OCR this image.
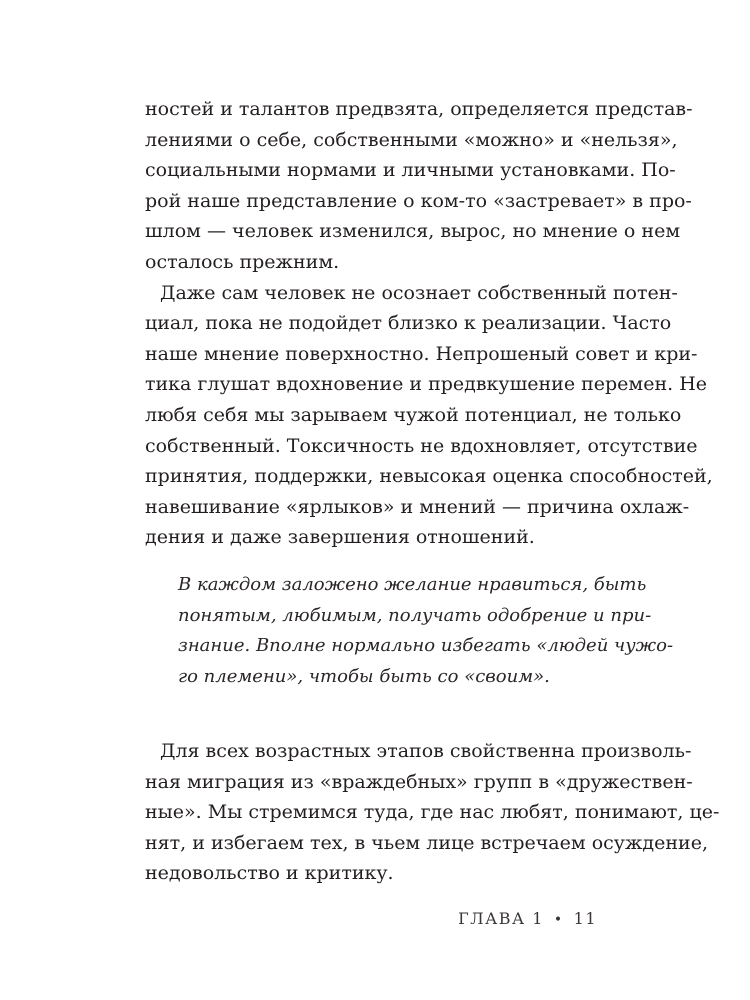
ностей и талантов предвзята, определяется представ-
лениями о себе, собственными «можно» и «нельзя»,
социальными нормами и личными установками. По-
рой наше представление о ком-то «застревает» в про-
шлом — человек изменился, вырос, но мнение о нем
осталось прежним.
Даже сам человек не осознает собственный потен-
циал, пока не подойдет близко к реализации. Часто
наше мнение поверхностно. Непрошеный совет и кри-
тика глушат вдохновение и предвкушение перемен. Не
любя себя мы зарываем чужой потенциал, не только
собственный. Токсичность не вдохновляет, отсутствие
принятия, поддержки, невысокая оценка способностей,
навешивание «ярлыков» и мнений — причина охлаж-
дения и даже завершения отношений.
В каждом заложено желание нравиться, быть
понятым, любимым, получать одобрение и при-
знание. Вполне нормально избегать «людей чужо-
го племени», чтобы быть со «своим».
Для всех возрастных этапов свойственна произволь-
ная миграция из «враждебных» групп в «дружествен-
ные». Мы стремимся туда, где нас любят, понимают, це-
нят, и избегаем тех, в чьем лице встречаем осуждение,
недовольство и критику.
ГЛАВА 1 • 11
